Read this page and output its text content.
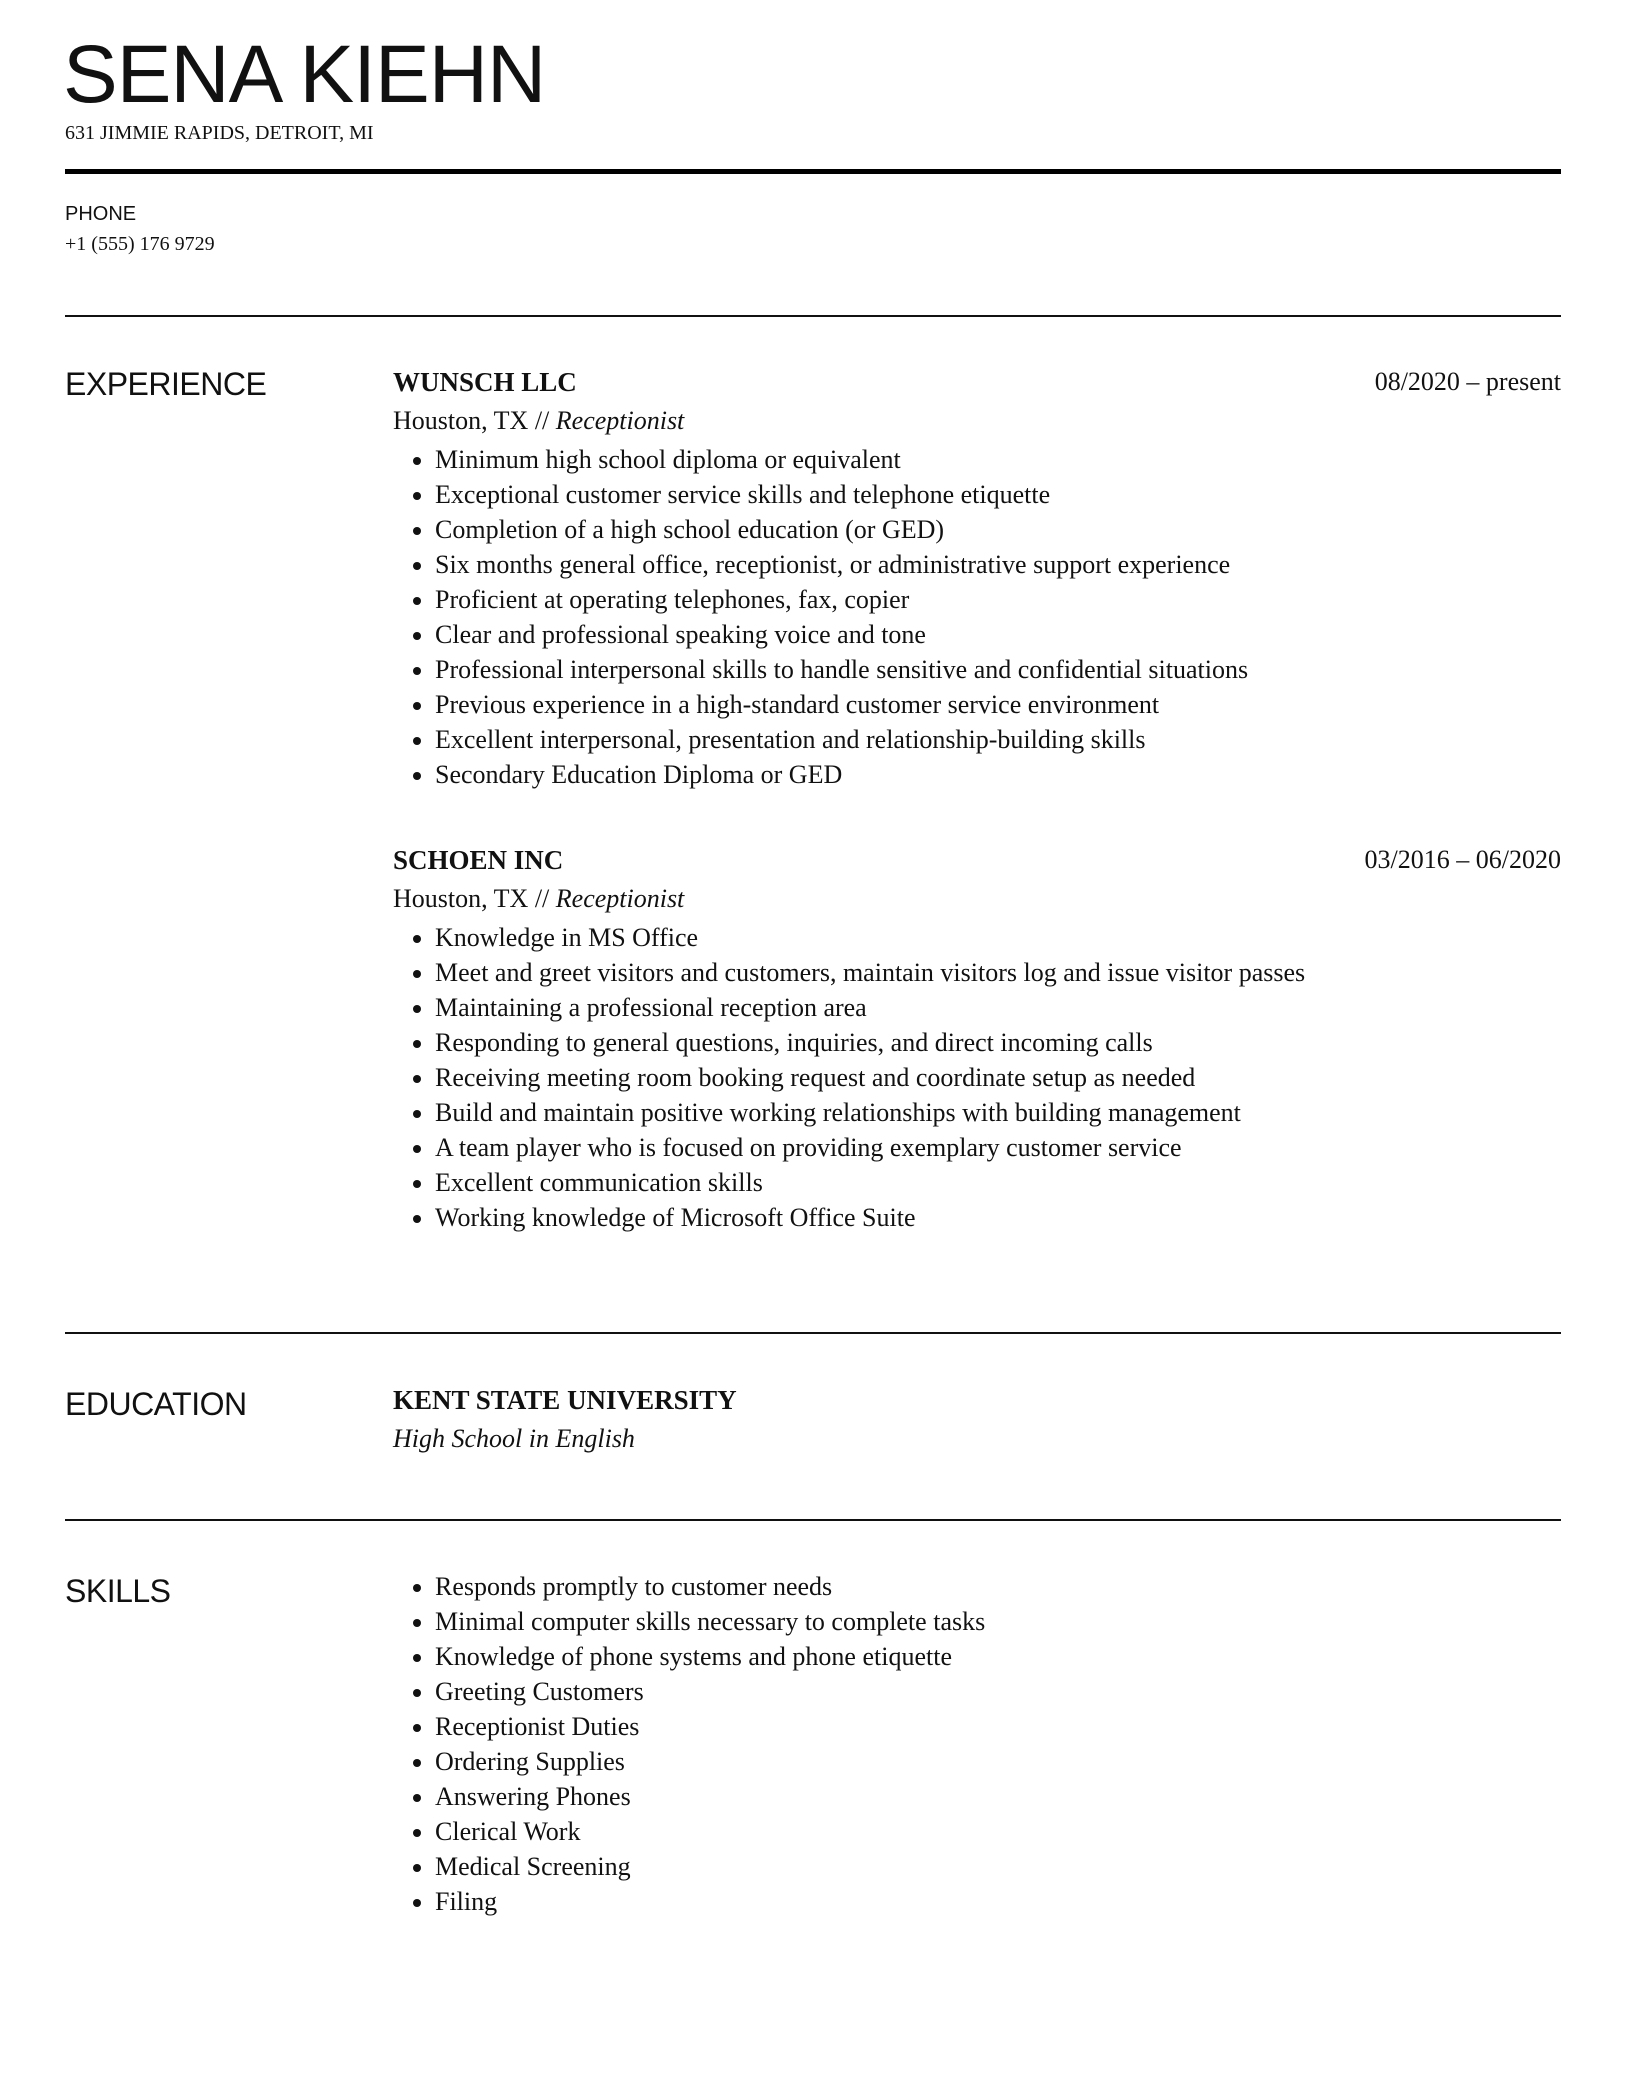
SENA KIEHN
631 JIMMIE RAPIDS, DETROIT, MI
PHONE
+1 (555) 176 9729
EXPERIENCE	WUNSCH LLC	08/2020 – present
Houston, TX // Receptionist
• Minimum high school diploma or equivalent
• Exceptional customer service skills and telephone etiquette
• Completion of a high school education (or GED)
• Six months general office, receptionist, or administrative support experience
• Proficient at operating telephones, fax, copier
• Clear and professional speaking voice and tone
• Professional interpersonal skills to handle sensitive and confidential situations
• Previous experience in a high-standard customer service environment
• Excellent interpersonal, presentation and relationship-building skills
• Secondary Education Diploma or GED
SCHOEN INC	03/2016 – 06/2020
Houston, TX // Receptionist
• Knowledge in MS Office
• Meet and greet visitors and customers, maintain visitors log and issue visitor passes
• Maintaining a professional reception area
• Responding to general questions, inquiries, and direct incoming calls
• Receiving meeting room booking request and coordinate setup as needed
• Build and maintain positive working relationships with building management
• A team player who is focused on providing exemplary customer service
• Excellent communication skills
• Working knowledge of Microsoft Office Suite
EDUCATION	KENT STATE UNIVERSITY
High School in English
SKILLS	• Responds promptly to customer needs
• Minimal computer skills necessary to complete tasks
• Knowledge of phone systems and phone etiquette
• Greeting Customers
• Receptionist Duties
• Ordering Supplies
• Answering Phones
• Clerical Work
• Medical Screening
• Filing
